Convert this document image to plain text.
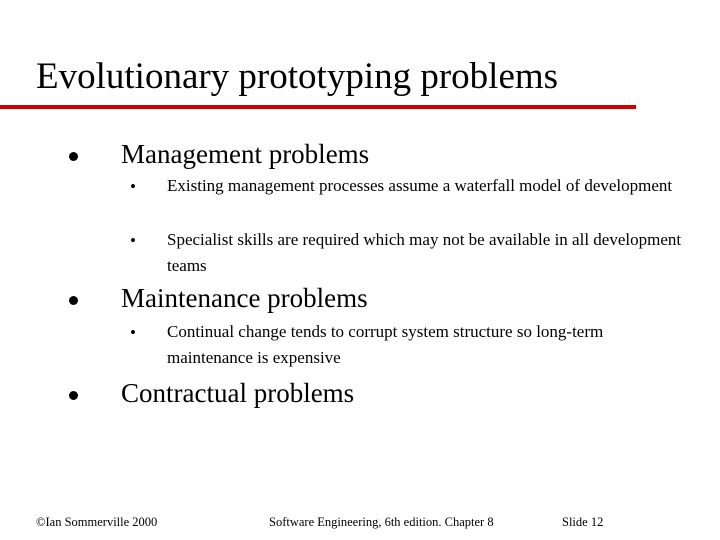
Evolutionary prototyping problems
Management problems
• Existing management processes assume a waterfall model of development
• Specialist skills are required which may not be available in all development teams
Maintenance problems
• Continual change tends to corrupt system structure so long-term maintenance is expensive
Contractual problems
©Ian Sommerville 2000	Software Engineering, 6th edition. Chapter 8	Slide 12
